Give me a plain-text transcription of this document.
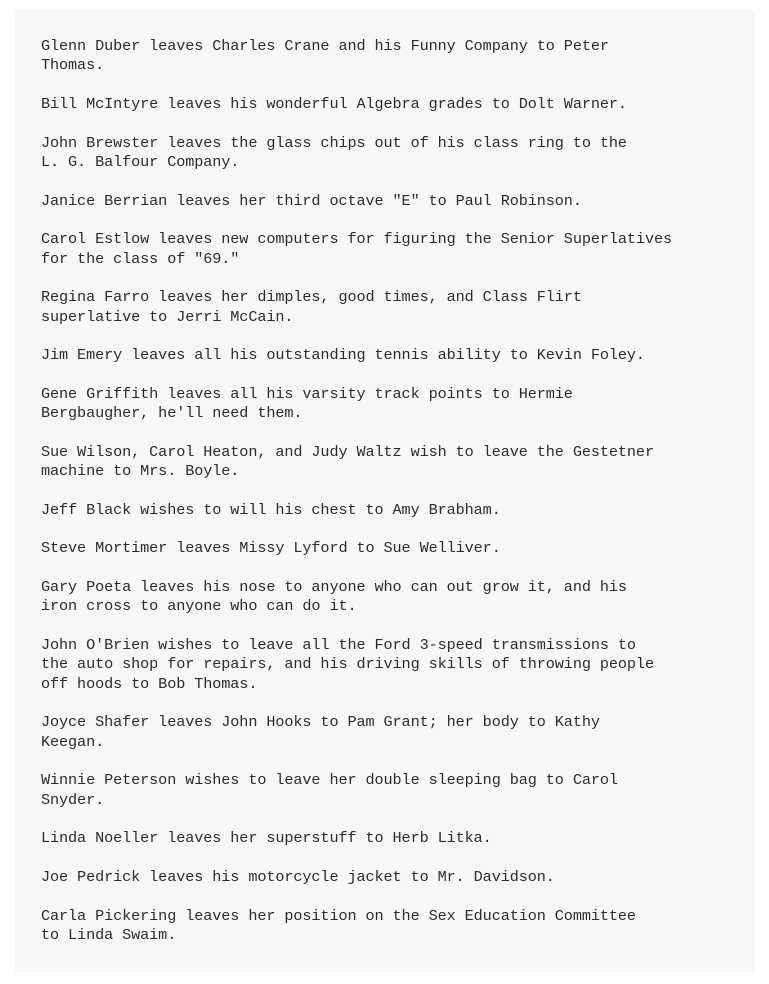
Glenn Duber leaves Charles Crane and his Funny Company to Peter
Thomas.
Bill McIntyre leaves his wonderful Algebra grades to Dolt Warner.
John Brewster leaves the glass chips out of his class ring to the
L. G. Balfour Company.
Janice Berrian leaves her third octave "E" to Paul Robinson.
Carol Estlow leaves new computers for figuring the Senior Superlatives
for the class of "69."
Regina Farro leaves her dimples, good times, and Class Flirt
superlative to Jerri McCain.
Jim Emery leaves all his outstanding tennis ability to Kevin Foley.
Gene Griffith leaves all his varsity track points to Hermie
Bergbaugher, he'll need them.
Sue Wilson, Carol Heaton, and Judy Waltz wish to leave the Gestetner
machine to Mrs. Boyle.
Jeff Black wishes to will his chest to Amy Brabham.
Steve Mortimer leaves Missy Lyford to Sue Welliver.
Gary Poeta leaves his nose to anyone who can out grow it, and his
iron cross to anyone who can do it.
John O'Brien wishes to leave all the Ford 3-speed transmissions to
the auto shop for repairs, and his driving skills of throwing people
off hoods to Bob Thomas.
Joyce Shafer leaves John Hooks to Pam Grant; her body to Kathy
Keegan.
Winnie Peterson wishes to leave her double sleeping bag to Carol
Snyder.
Linda Noeller leaves her superstuff to Herb Litka.
Joe Pedrick leaves his motorcycle jacket to Mr. Davidson.
Carla Pickering leaves her position on the Sex Education Committee
to Linda Swaim.
